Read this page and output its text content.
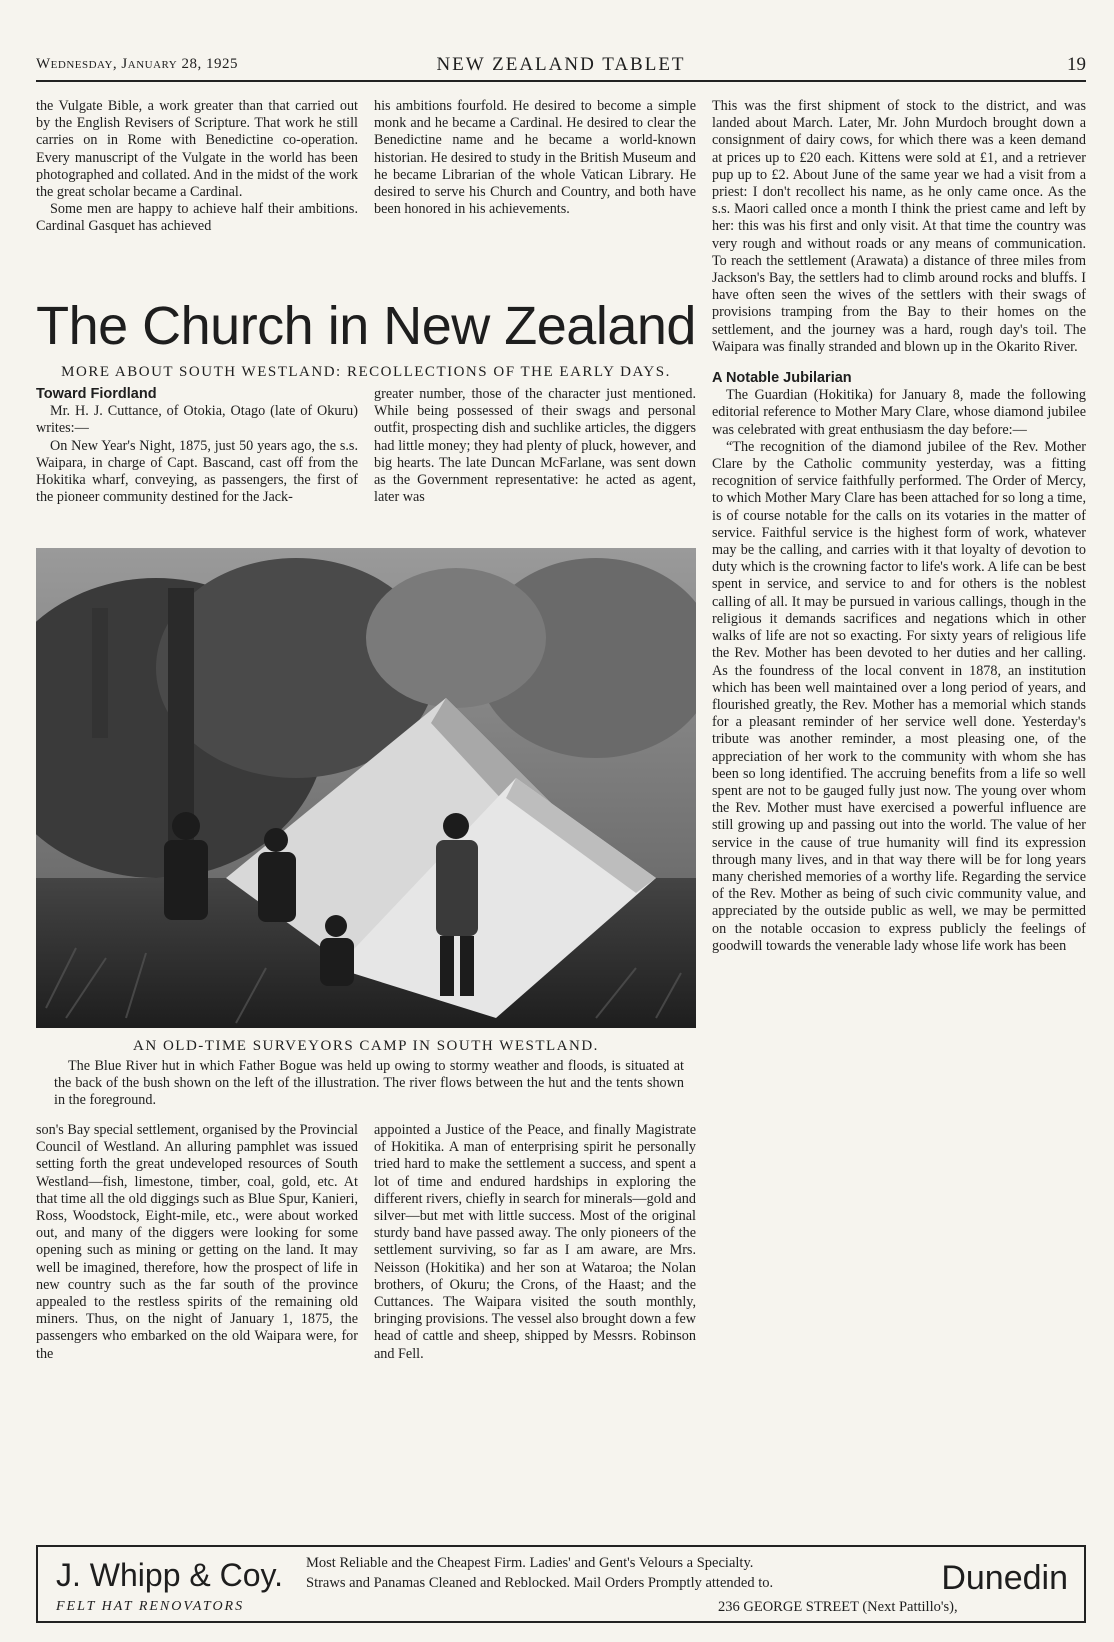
Wednesday, January 28, 1925	NEW ZEALAND TABLET	19

the Vulgate Bible, a work greater than that carried out by the English Revisers of Scripture. That work he still carries on in Rome with Benedictine co-operation. Every manuscript of the Vulgate in the world has been photographed and collated. And in the midst of the work the great scholar became a Cardinal.

Some men are happy to achieve half their ambitions. Cardinal Gasquet has achieved

his ambitions fourfold. He desired to become a simple monk and he became a Cardinal. He desired to clear the Benedictine name and he became a world-known historian. He desired to study in the British Museum and he became Librarian of the whole Vatican Library. He desired to serve his Church and Country, and both have been honored in his achievements.

The Church in New Zealand
MORE ABOUT SOUTH WESTLAND: RECOLLECTIONS OF THE EARLY DAYS.

Toward Fiordland

Mr. H. J. Cuttance, of Otokia, Otago (late of Okuru) writes:—

On New Year's Night, 1875, just 50 years ago, the s.s. Waipara, in charge of Capt. Bascand, cast off from the Hokitika wharf, conveying, as passengers, the first of the pioneer community destined for the Jack-

greater number, those of the character just mentioned. While being possessed of their swags and personal outfit, prospecting dish and suchlike articles, the diggers had little money; they had plenty of pluck, however, and big hearts. The late Duncan McFarlane, was sent down as the Government representative: he acted as agent, later was

AN OLD-TIME SURVEYORS CAMP IN SOUTH WESTLAND.

The Blue River hut in which Father Bogue was held up owing to stormy weather and floods, is situated at the back of the bush shown on the left of the illustration. The river flows between the hut and the tents shown in the foreground.

son's Bay special settlement, organised by the Provincial Council of Westland. An alluring pamphlet was issued setting forth the great undeveloped resources of South Westland—fish, limestone, timber, coal, gold, etc. At that time all the old diggings such as Blue Spur, Kanieri, Ross, Woodstock, Eight-mile, etc., were about worked out, and many of the diggers were looking for some opening such as mining or getting on the land. It may well be imagined, therefore, how the prospect of life in new country such as the far south of the province appealed to the restless spirits of the remaining old miners. Thus, on the night of January 1, 1875, the passengers who embarked on the old Waipara were, for the

appointed a Justice of the Peace, and finally Magistrate of Hokitika. A man of enterprising spirit he personally tried hard to make the settlement a success, and spent a lot of time and endured hardships in exploring the different rivers, chiefly in search for minerals—gold and silver—but met with little success. Most of the original sturdy band have passed away. The only pioneers of the settlement surviving, so far as I am aware, are Mrs. Neisson (Hokitika) and her son at Wataroa; the Nolan brothers, of Okuru; the Crons, of the Haast; and the Cuttances. The Waipara visited the south monthly, bringing provisions. The vessel also brought down a few head of cattle and sheep, shipped by Messrs. Robinson and Fell.

This was the first shipment of stock to the district, and was landed about March. Later, Mr. John Murdoch brought down a consignment of dairy cows, for which there was a keen demand at prices up to £20 each. Kittens were sold at £1, and a retriever pup up to £2. About June of the same year we had a visit from a priest: I don't recollect his name, as he only came once. As the s.s. Maori called once a month I think the priest came and left by her: this was his first and only visit. At that time the country was very rough and without roads or any means of communication. To reach the settlement (Arawata) a distance of three miles from Jackson's Bay, the settlers had to climb around rocks and bluffs. I have often seen the wives of the settlers with their swags of provisions tramping from the Bay to their homes on the settlement, and the journey was a hard, rough day's toil. The Waipara was finally stranded and blown up in the Okarito River.

A Notable Jubilarian

The Guardian (Hokitika) for January 8, made the following editorial reference to Mother Mary Clare, whose diamond jubilee was celebrated with great enthusiasm the day before:—

“The recognition of the diamond jubilee of the Rev. Mother Clare by the Catholic community yesterday, was a fitting recognition of service faithfully performed. The Order of Mercy, to which Mother Mary Clare has been attached for so long a time, is of course notable for the calls on its votaries in the matter of service. Faithful service is the highest form of work, whatever may be the calling, and carries with it that loyalty of devotion to duty which is the crowning factor to life's work. A life can be best spent in service, and service to and for others is the noblest calling of all. It may be pursued in various callings, though in the religious it demands sacrifices and negations which in other walks of life are not so exacting. For sixty years of religious life the Rev. Mother has been devoted to her duties and her calling. As the foundress of the local convent in 1878, an institution which has been well maintained over a long period of years, and flourished greatly, the Rev. Mother has a memorial which stands for a pleasant reminder of her service well done. Yesterday's tribute was another reminder, a most pleasing one, of the appreciation of her work to the community with whom she has been so long identified. The accruing benefits from a life so well spent are not to be gauged fully just now. The young over whom the Rev. Mother must have exercised a powerful influence are still growing up and passing out into the world. The value of her service in the cause of true humanity will find its expression through many lives, and in that way there will be for long years many cherished memories of a worthy life. Regarding the service of the Rev. Mother as being of such civic community value, and appreciated by the outside public as well, we may be permitted on the notable occasion to express publicly the feelings of goodwill towards the venerable lady whose life work has been

J. Whipp & Coy.
FELT HAT RENOVATORS
Most Reliable and the Cheapest Firm. Ladies' and Gent's Velours a Specialty.
Straws and Panamas Cleaned and Reblocked. Mail Orders Promptly attended to.
236 GEORGE STREET (Next Pattillo's),
Dunedin
